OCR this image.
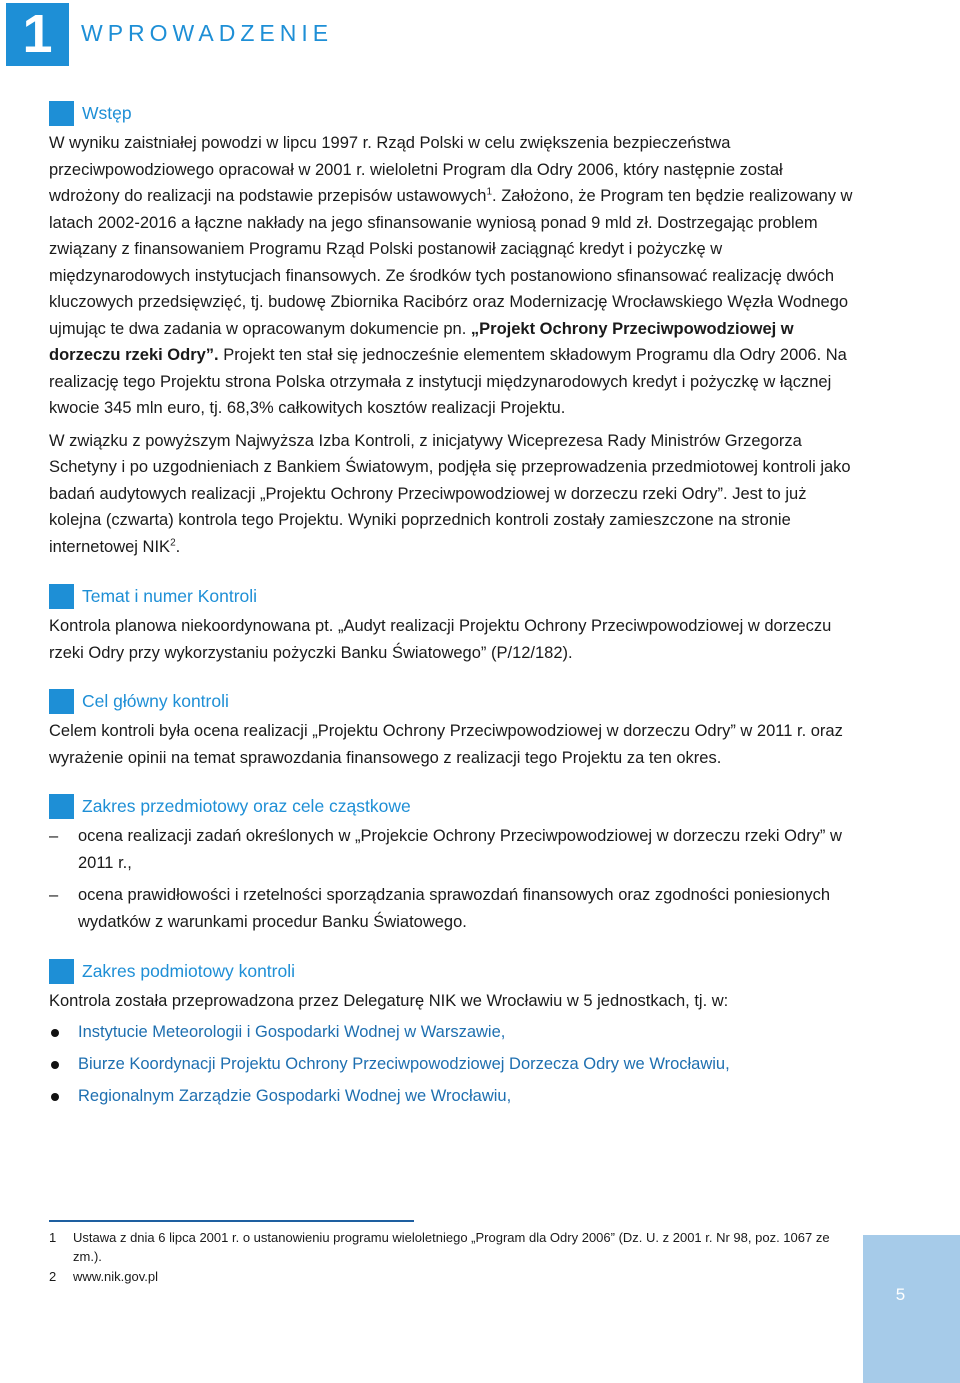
1	WPROWADZENIE
Wstęp

W wyniku zaistniałej powodzi w lipcu 1997 r. Rząd Polski w celu zwiększenia bezpieczeństwa przeciwpowodziowego opracował w 2001 r. wieloletni Program dla Odry 2006, który następnie został wdrożony do realizacji na podstawie przepisów ustawowych$^1$. Założono, że Program ten będzie realizowany w latach 2002-2016 a łączne nakłady na jego sfinansowanie wyniosą ponad 9 mld zł. Dostrzegając problem związany z finansowaniem Programu Rząd Polski postanowił zaciągnąć kredyt i pożyczkę w międzynarodowych instytucjach finansowych. Ze środków tych postanowiono sfinansować realizację dwóch kluczowych przedsięwzięć, tj. budowę Zbiornika Racibórz oraz Modernizację Wrocławskiego Węzła Wodnego ujmując te dwa zadania w opracowanym dokumencie pn. „Projekt Ochrony Przeciwpowodziowej w dorzeczu rzeki Odry”. Projekt ten stał się jednocześnie elementem składowym Programu dla Odry 2006. Na realizację tego Projektu strona Polska otrzymała z instytucji międzynarodowych kredyt i pożyczkę w łącznej kwocie 345 mln euro, tj. 68,3% całkowitych kosztów realizacji Projektu.

W związku z powyższym Najwyższa Izba Kontroli, z inicjatywy Wiceprezesa Rady Ministrów Grzegorza Schetyny i po uzgodnieniach z Bankiem Światowym, podjęła się przeprowadzenia przedmiotowej kontroli jako badań audytowych realizacji „Projektu Ochrony Przeciwpowodziowej w dorzeczu rzeki Odry”. Jest to już kolejna (czwarta) kontrola tego Projektu. Wyniki poprzednich kontroli zostały zamieszczone na stronie internetowej NIK$^2$.

Temat i numer Kontroli

Kontrola planowa niekoordynowana pt. „Audyt realizacji Projektu Ochrony Przeciwpowodziowej w dorzeczu rzeki Odry przy wykorzystaniu pożyczki Banku Światowego” (P/12/182).

Cel główny kontroli

Celem kontroli była ocena realizacji „Projektu Ochrony Przeciwpowodziowej w dorzeczu Odry” w 2011 r. oraz wyrażenie opinii na temat sprawozdania finansowego z realizacji tego Projektu za ten okres.

Zakres przedmiotowy oraz cele cząstkowe
–	ocena realizacji zadań określonych w „Projekcie Ochrony Przeciwpowodziowej w dorzeczu rzeki Odry” w 2011 r.,
–	ocena prawidłowości i rzetelności sporządzania sprawozdań finansowych oraz zgodności poniesionych wydatków z warunkami procedur Banku Światowego.
Zakres podmiotowy kontroli

Kontrola została przeprowadzona przez Delegaturę NIK we Wrocławiu w 5 jednostkach, tj. w:

Instytucie Meteorologii i Gospodarki Wodnej w Warszawie,
Biurze Koordynacji Projektu Ochrony Przeciwpowodziowej Dorzecza Odry we Wrocławiu,
Regionalnym Zarządzie Gospodarki Wodnej we Wrocławiu,
1 Ustawa z dnia 6 lipca 2001 r. o ustanowieniu programu wieloletniego „Program dla Odry 2006” (Dz. U. z 2001 r. Nr 98, poz. 1067 ze zm.).
2 www.nik.gov.pl
5
